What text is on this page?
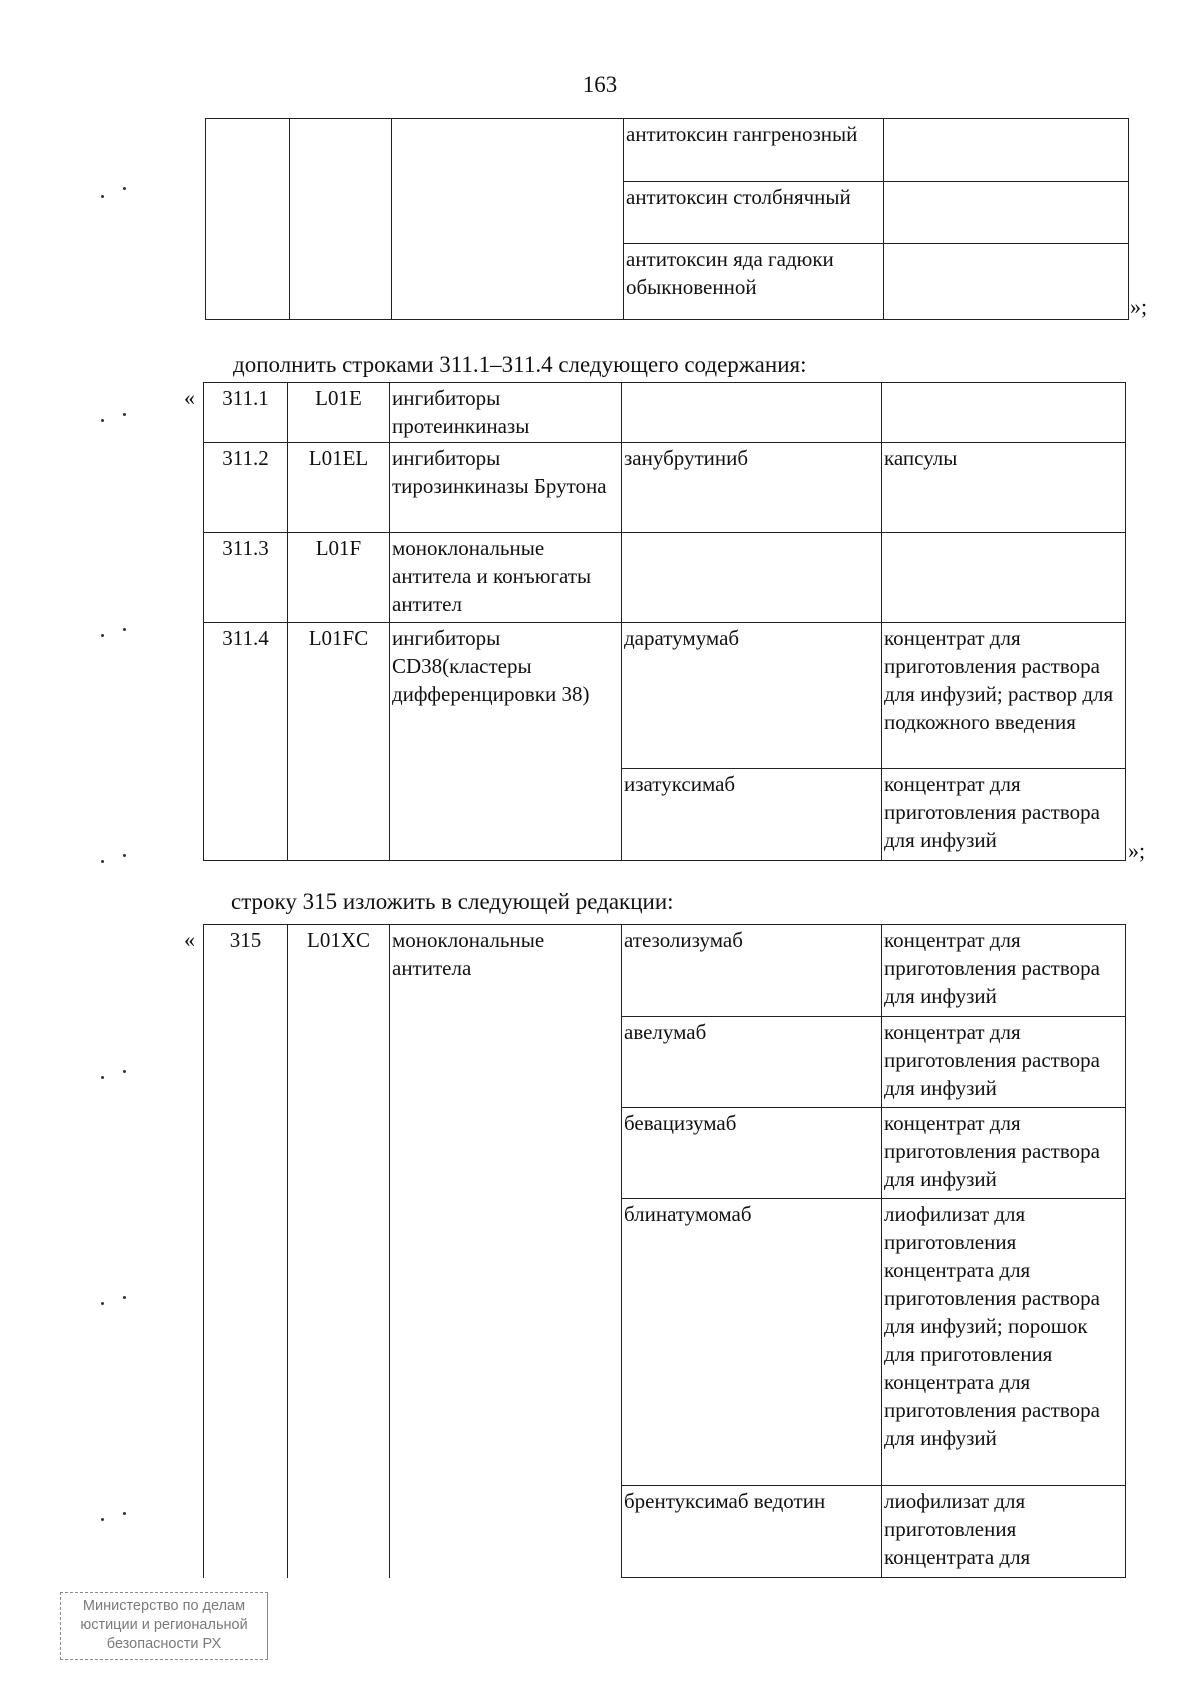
163
			антитоксин гангренозный	
			антитоксин столбнячный	
			антитоксин яда гадюки обыкновенной	
»;
дополнить строками 311.1–311.4 следующего содержания:
« 311.1	L01E	ингибиторы протеинкиназы		
311.2	L01EL	ингибиторы тирозинкиназы Брутона	занубрутиниб	капсулы
311.3	L01F	моноклональные антитела и конъюгаты антител		
311.4	L01FC	ингибиторы CD38(кластеры дифференцировки 38)	даратумумаб	концентрат для приготовления раствора для инфузий; раствор для подкожного введения
			изатуксимаб	концентрат для приготовления раствора для инфузий	»;
строку 315 изложить в следующей редакции:
« 315	L01XC	моноклональные антитела	атезолизумаб	концентрат для приготовления раствора для инфузий
			авелумаб	концентрат для приготовления раствора для инфузий
			бевацизумаб	концентрат для приготовления раствора для инфузий
			блинатумомаб	лиофилизат для приготовления концентрата для приготовления раствора для инфузий; порошок для приготовления концентрата для приготовления раствора для инфузий
			брентуксимаб ведотин	лиофилизат для приготовления концентрата для
Министерство по делам
юстиции и региональной
безопасности РХ
